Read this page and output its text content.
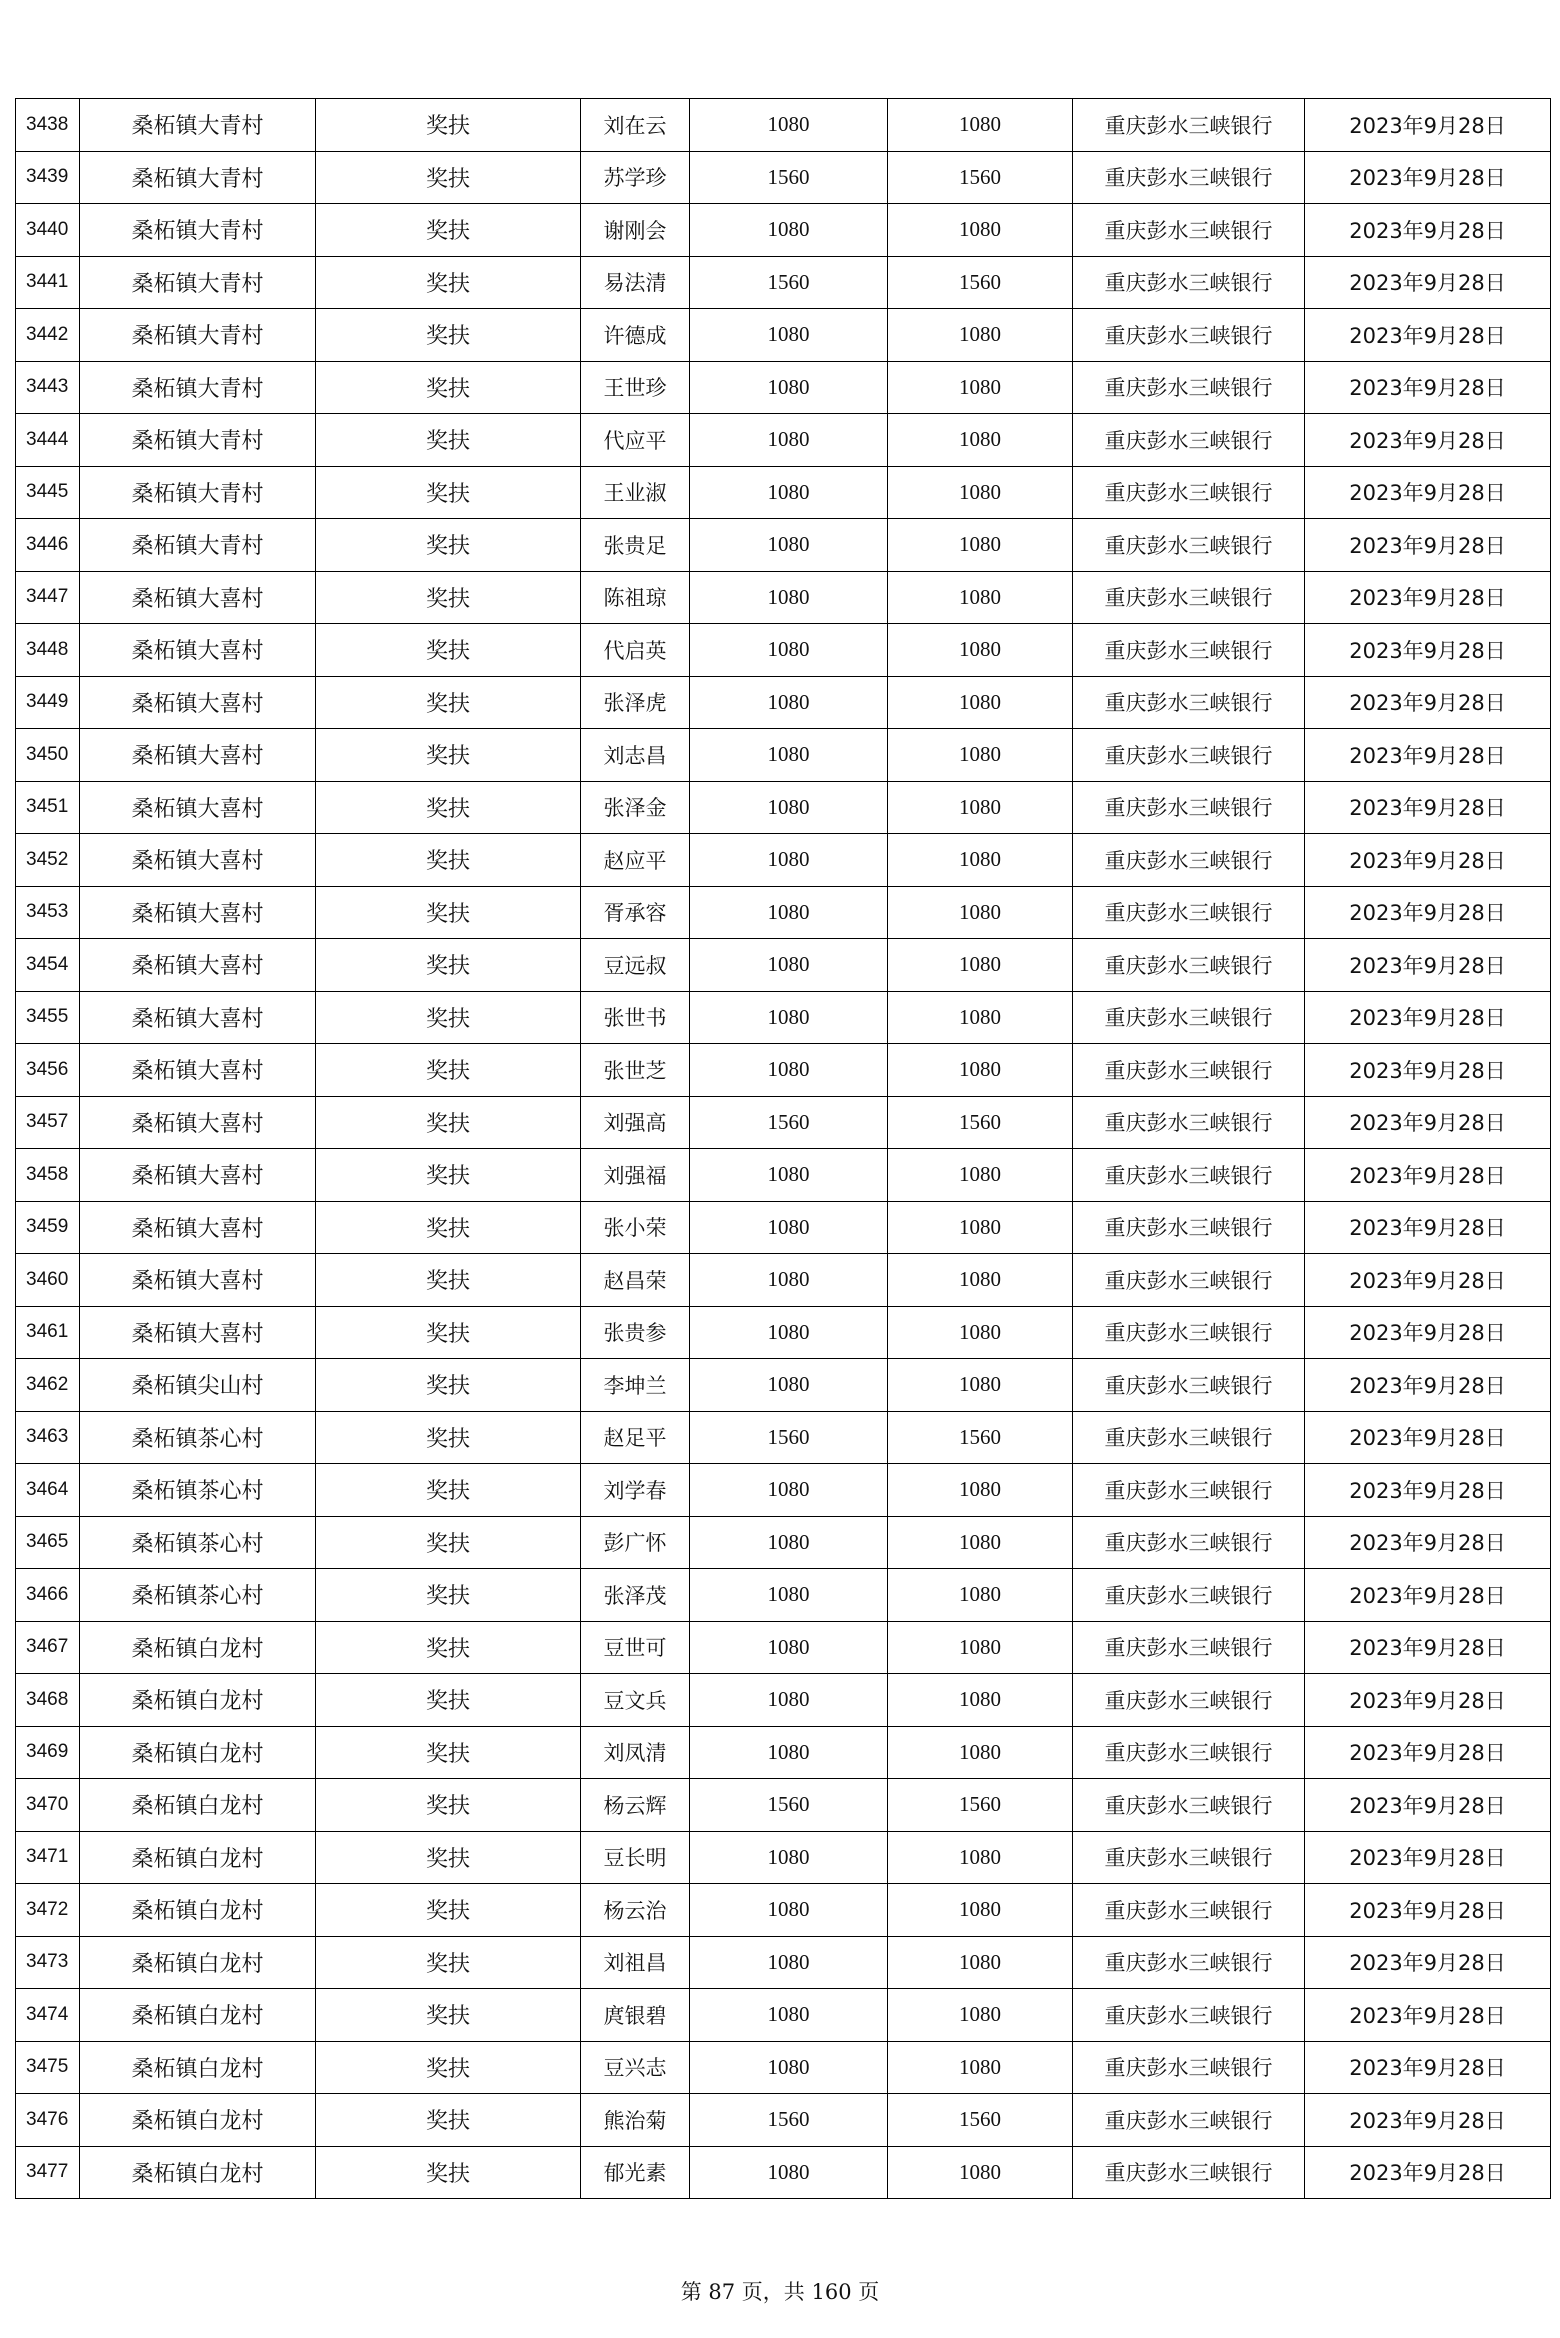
3438	桑柘镇大青村	奖扶	刘在云	1080	1080	重庆彭水三峡银行	2023年9月28日
3439	桑柘镇大青村	奖扶	苏学珍	1560	1560	重庆彭水三峡银行	2023年9月28日
3440	桑柘镇大青村	奖扶	谢刚会	1080	1080	重庆彭水三峡银行	2023年9月28日
3441	桑柘镇大青村	奖扶	易法清	1560	1560	重庆彭水三峡银行	2023年9月28日
3442	桑柘镇大青村	奖扶	许德成	1080	1080	重庆彭水三峡银行	2023年9月28日
3443	桑柘镇大青村	奖扶	王世珍	1080	1080	重庆彭水三峡银行	2023年9月28日
3444	桑柘镇大青村	奖扶	代应平	1080	1080	重庆彭水三峡银行	2023年9月28日
3445	桑柘镇大青村	奖扶	王业淑	1080	1080	重庆彭水三峡银行	2023年9月28日
3446	桑柘镇大青村	奖扶	张贵足	1080	1080	重庆彭水三峡银行	2023年9月28日
3447	桑柘镇大喜村	奖扶	陈祖琼	1080	1080	重庆彭水三峡银行	2023年9月28日
3448	桑柘镇大喜村	奖扶	代启英	1080	1080	重庆彭水三峡银行	2023年9月28日
3449	桑柘镇大喜村	奖扶	张泽虎	1080	1080	重庆彭水三峡银行	2023年9月28日
3450	桑柘镇大喜村	奖扶	刘志昌	1080	1080	重庆彭水三峡银行	2023年9月28日
3451	桑柘镇大喜村	奖扶	张泽金	1080	1080	重庆彭水三峡银行	2023年9月28日
3452	桑柘镇大喜村	奖扶	赵应平	1080	1080	重庆彭水三峡银行	2023年9月28日
3453	桑柘镇大喜村	奖扶	胥承容	1080	1080	重庆彭水三峡银行	2023年9月28日
3454	桑柘镇大喜村	奖扶	豆远叔	1080	1080	重庆彭水三峡银行	2023年9月28日
3455	桑柘镇大喜村	奖扶	张世书	1080	1080	重庆彭水三峡银行	2023年9月28日
3456	桑柘镇大喜村	奖扶	张世芝	1080	1080	重庆彭水三峡银行	2023年9月28日
3457	桑柘镇大喜村	奖扶	刘强高	1560	1560	重庆彭水三峡银行	2023年9月28日
3458	桑柘镇大喜村	奖扶	刘强福	1080	1080	重庆彭水三峡银行	2023年9月28日
3459	桑柘镇大喜村	奖扶	张小荣	1080	1080	重庆彭水三峡银行	2023年9月28日
3460	桑柘镇大喜村	奖扶	赵昌荣	1080	1080	重庆彭水三峡银行	2023年9月28日
3461	桑柘镇大喜村	奖扶	张贵参	1080	1080	重庆彭水三峡银行	2023年9月28日
3462	桑柘镇尖山村	奖扶	李坤兰	1080	1080	重庆彭水三峡银行	2023年9月28日
3463	桑柘镇茶心村	奖扶	赵足平	1560	1560	重庆彭水三峡银行	2023年9月28日
3464	桑柘镇茶心村	奖扶	刘学春	1080	1080	重庆彭水三峡银行	2023年9月28日
3465	桑柘镇茶心村	奖扶	彭广怀	1080	1080	重庆彭水三峡银行	2023年9月28日
3466	桑柘镇茶心村	奖扶	张泽茂	1080	1080	重庆彭水三峡银行	2023年9月28日
3467	桑柘镇白龙村	奖扶	豆世可	1080	1080	重庆彭水三峡银行	2023年9月28日
3468	桑柘镇白龙村	奖扶	豆文兵	1080	1080	重庆彭水三峡银行	2023年9月28日
3469	桑柘镇白龙村	奖扶	刘凤清	1080	1080	重庆彭水三峡银行	2023年9月28日
3470	桑柘镇白龙村	奖扶	杨云辉	1560	1560	重庆彭水三峡银行	2023年9月28日
3471	桑柘镇白龙村	奖扶	豆长明	1080	1080	重庆彭水三峡银行	2023年9月28日
3472	桑柘镇白龙村	奖扶	杨云治	1080	1080	重庆彭水三峡银行	2023年9月28日
3473	桑柘镇白龙村	奖扶	刘祖昌	1080	1080	重庆彭水三峡银行	2023年9月28日
3474	桑柘镇白龙村	奖扶	庹银碧	1080	1080	重庆彭水三峡银行	2023年9月28日
3475	桑柘镇白龙村	奖扶	豆兴志	1080	1080	重庆彭水三峡银行	2023年9月28日
3476	桑柘镇白龙村	奖扶	熊治菊	1560	1560	重庆彭水三峡银行	2023年9月28日
3477	桑柘镇白龙村	奖扶	郁光素	1080	1080	重庆彭水三峡银行	2023年9月28日
第 87 页，共 160 页
